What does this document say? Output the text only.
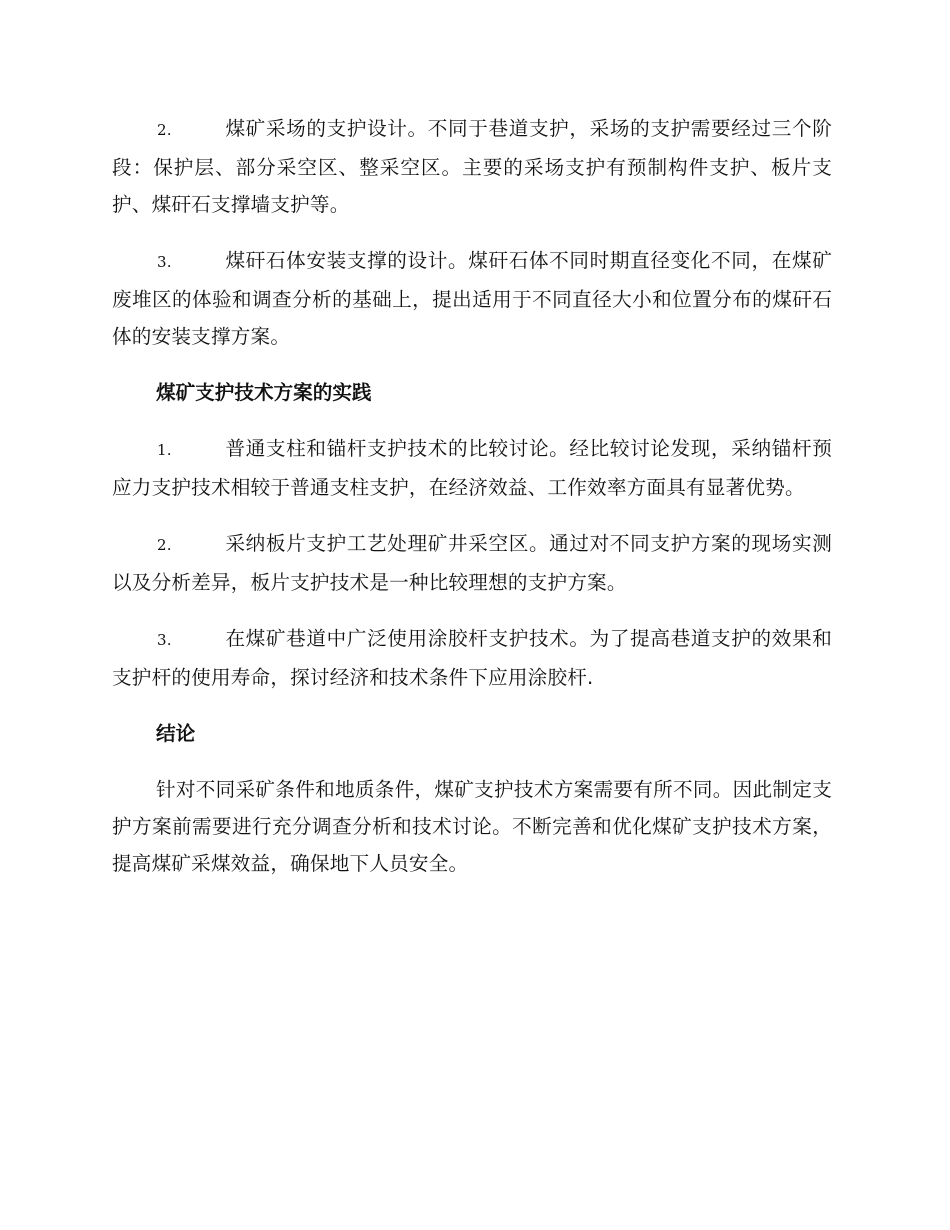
2.	煤矿采场的支护设计。不同于巷道支护，采场的支护需要经过三个阶段：保护层、部分采空区、整采空区。主要的采场支护有预制构件支护、板片支护、煤矸石支撑墙支护等。

3.	煤矸石体安装支撑的设计。煤矸石体不同时期直径变化不同，在煤矿废堆区的体验和调查分析的基础上，提出适用于不同直径大小和位置分布的煤矸石体的安装支撑方案。

煤矿支护技术方案的实践

1.	普通支柱和锚杆支护技术的比较讨论。经比较讨论发现，采纳锚杆预应力支护技术相较于普通支柱支护，在经济效益、工作效率方面具有显著优势。

2.	采纳板片支护工艺处理矿井采空区。通过对不同支护方案的现场实测以及分析差异，板片支护技术是一种比较理想的支护方案。

3.	在煤矿巷道中广泛使用涂胶杆支护技术。为了提高巷道支护的效果和支护杆的使用寿命，探讨经济和技术条件下应用涂胶杆.

结论

针对不同采矿条件和地质条件，煤矿支护技术方案需要有所不同。因此制定支护方案前需要进行充分调查分析和技术讨论。不断完善和优化煤矿支护技术方案，提高煤矿采煤效益，确保地下人员安全。
